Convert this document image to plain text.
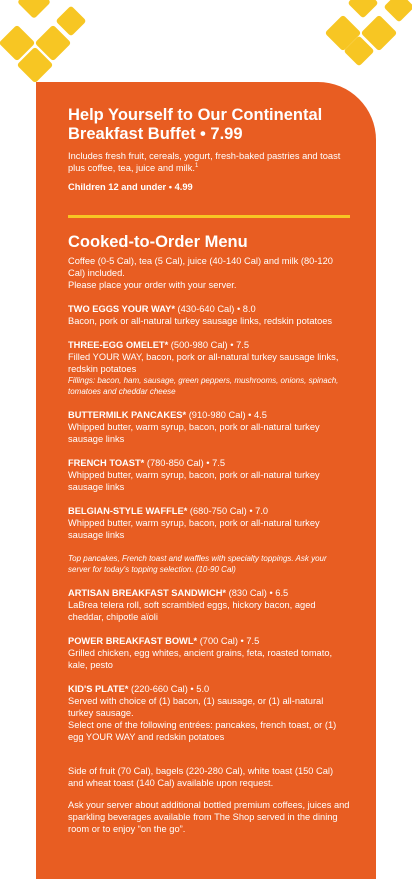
Help Yourself to Our Continental Breakfast Buffet • 7.99

Includes fresh fruit, cereals, yogurt, fresh-baked pastries and toast plus coffee, tea, juice and milk.$^1$

Children 12 and under • 4.99

Cooked-to-Order Menu
Coffee (0-5 Cal), tea (5 Cal), juice (40-140 Cal) and milk (80-120 Cal) included.
Please place your order with your server.
TWO EGGS YOUR WAY* (430-640 Cal) • 8.0
Bacon, pork or all-natural turkey sausage links, redskin potatoes
THREE-EGG OMELET* (500-980 Cal) • 7.5
Filled YOUR WAY, bacon, pork or all-natural turkey sausage links, redskin potatoes
Fillings: bacon, ham, sausage, green peppers, mushrooms, onions, spinach, tomatoes and cheddar cheese
BUTTERMILK PANCAKES* (910-980 Cal) • 4.5
Whipped butter, warm syrup, bacon, pork or all-natural turkey sausage links
FRENCH TOAST* (780-850 Cal) • 7.5
Whipped butter, warm syrup, bacon, pork or all-natural turkey sausage links
BELGIAN-STYLE WAFFLE* (680-750 Cal) • 7.0
Whipped butter, warm syrup, bacon, pork or all-natural turkey sausage links
Top pancakes, French toast and waffles with specialty toppings. Ask your server for today's topping selection. (10-90 Cal)
ARTISAN BREAKFAST SANDWICH* (830 Cal) • 6.5
LaBrea telera roll, soft scrambled eggs, hickory bacon, aged cheddar, chipotle aïoli
POWER BREAKFAST BOWL* (700 Cal) • 7.5
Grilled chicken, egg whites, ancient grains, feta, roasted tomato, kale, pesto
KID'S PLATE* (220-660 Cal) • 5.0
Served with choice of (1) bacon, (1) sausage, or (1) all-natural turkey sausage.
Select one of the following entrées: pancakes, french toast, or (1) egg YOUR WAY and redskin potatoes
Side of fruit (70 Cal), bagels (220-280 Cal), white toast (150 Cal) and wheat toast (140 Cal) available upon request.
Ask your server about additional bottled premium coffees, juices and sparkling beverages available from The Shop served in the dining room or to enjoy “on the go”.
